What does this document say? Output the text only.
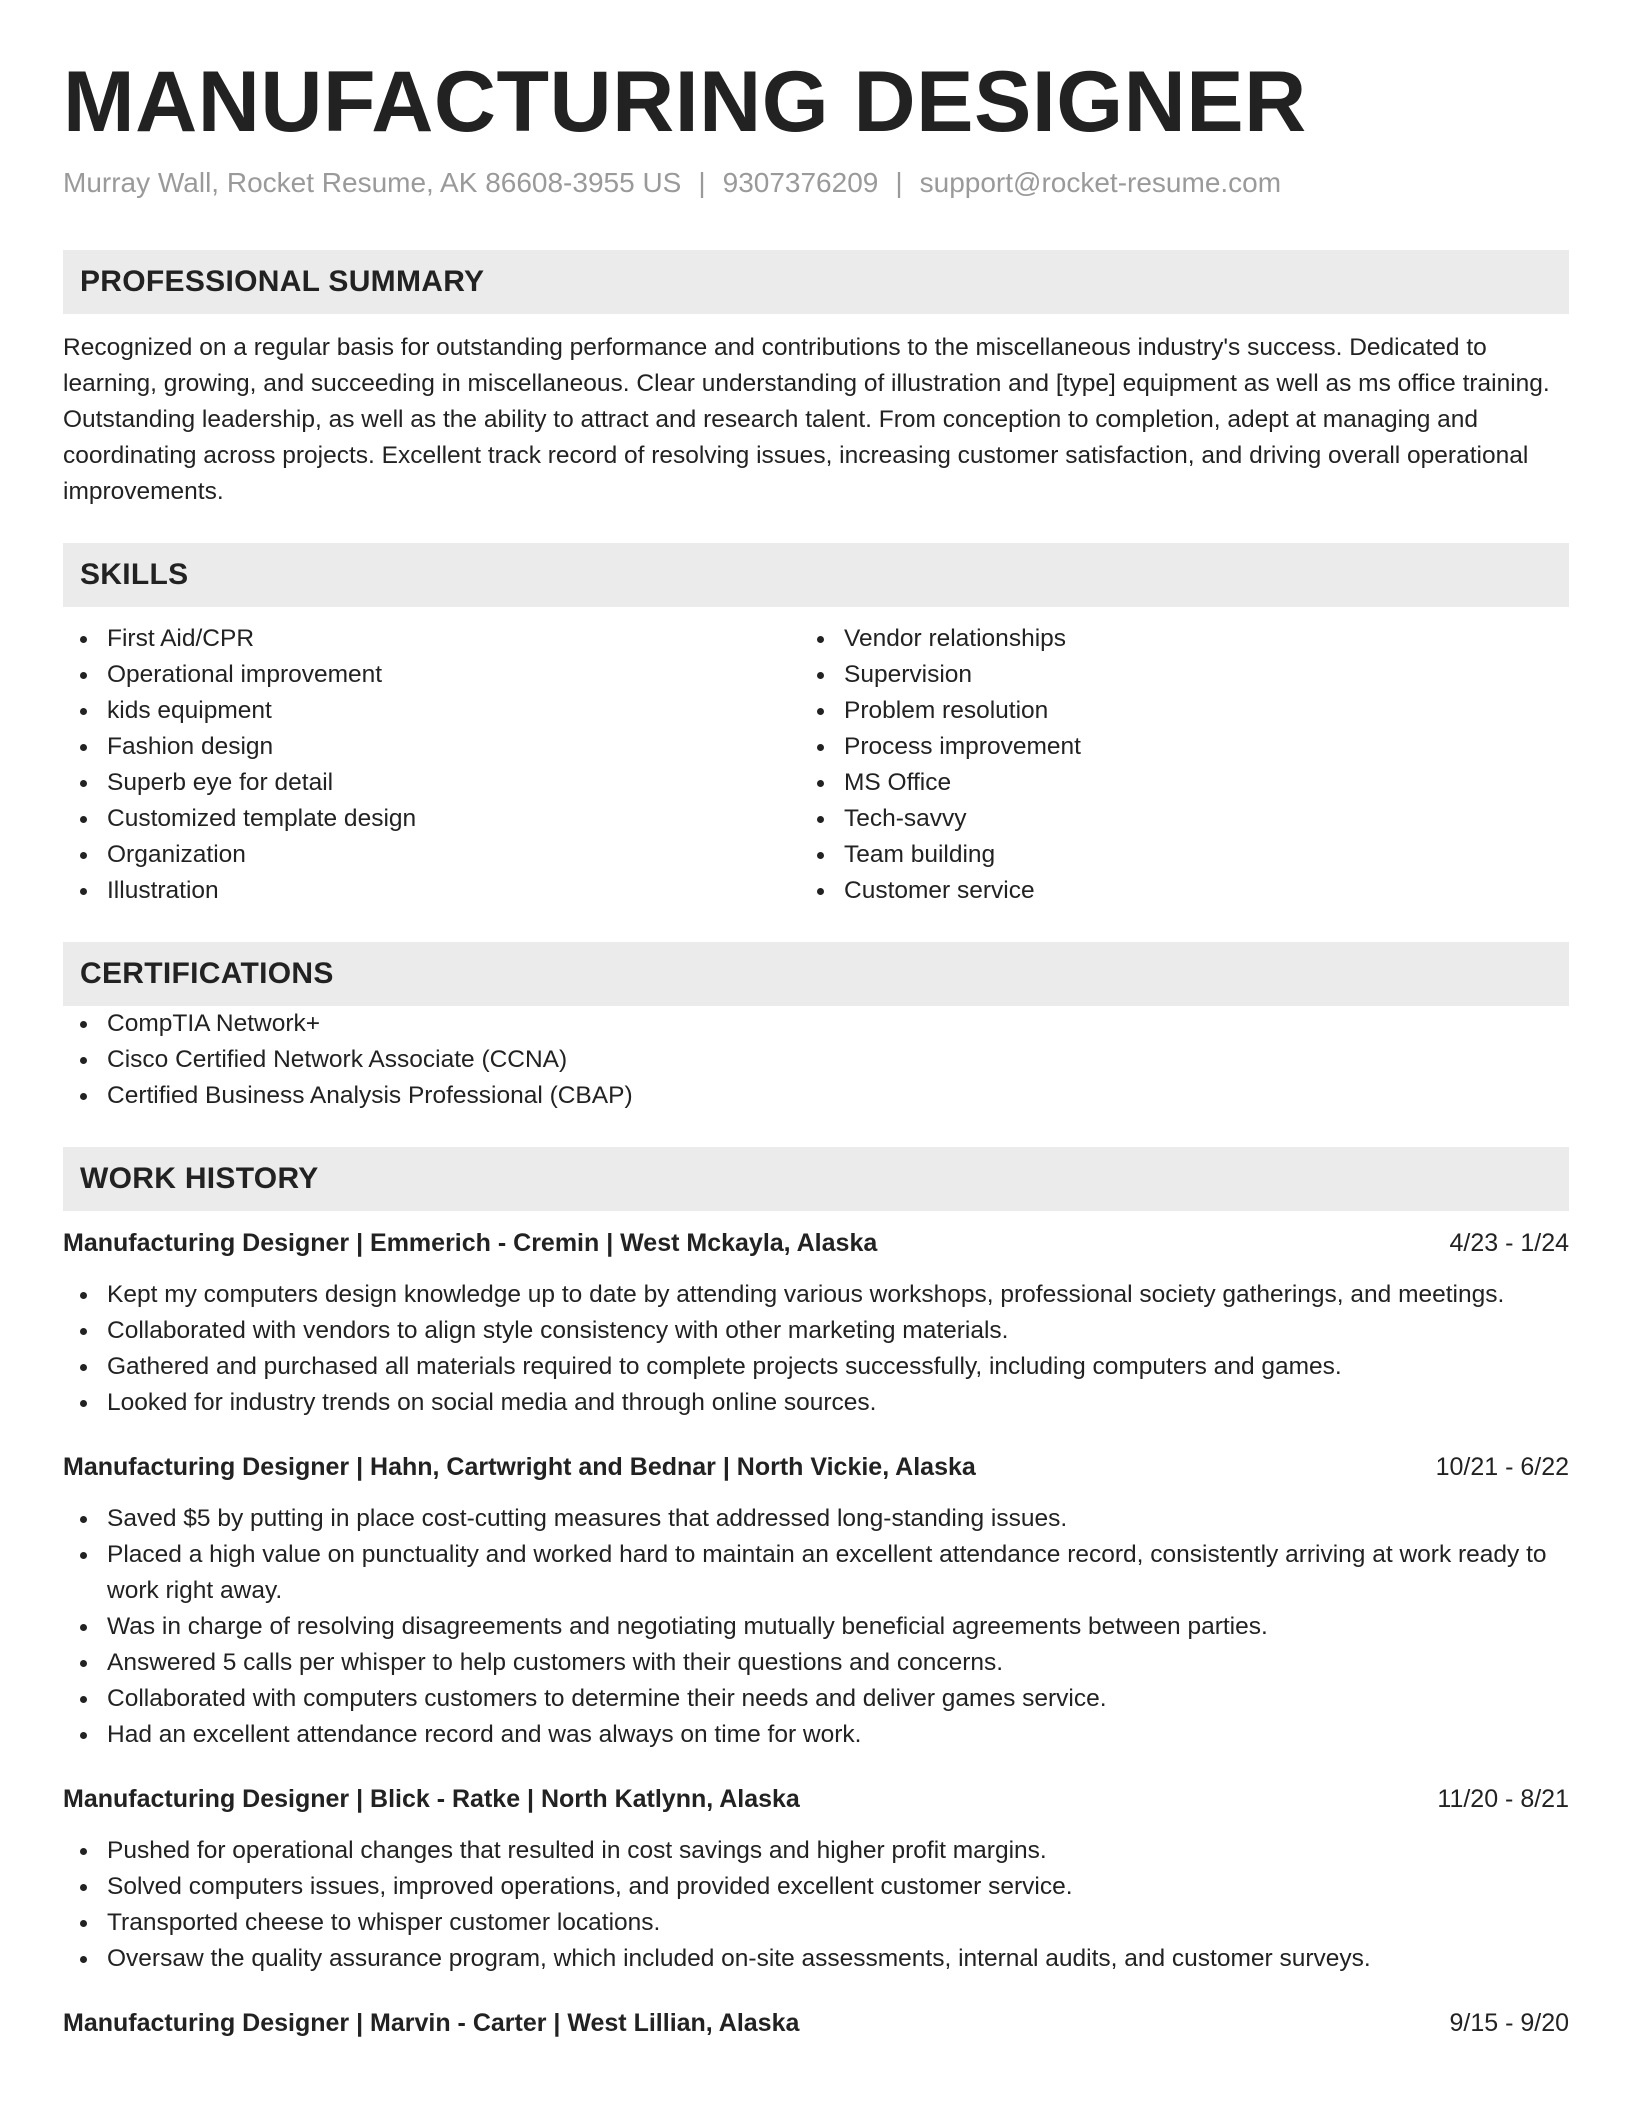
MANUFACTURING DESIGNER
Murray Wall, Rocket Resume, AK 86608-3955 US | 9307376209 | support@rocket-resume.com
PROFESSIONAL SUMMARY
Recognized on a regular basis for outstanding performance and contributions to the miscellaneous industry's success. Dedicated to learning, growing, and succeeding in miscellaneous. Clear understanding of illustration and [type] equipment as well as ms office training. Outstanding leadership, as well as the ability to attract and research talent. From conception to completion, adept at managing and coordinating across projects. Excellent track record of resolving issues, increasing customer satisfaction, and driving overall operational improvements.
SKILLS
First Aid/CPR
Operational improvement
kids equipment
Fashion design
Superb eye for detail
Customized template design
Organization
Illustration
Vendor relationships
Supervision
Problem resolution
Process improvement
MS Office
Tech-savvy
Team building
Customer service
CERTIFICATIONS
CompTIA Network+
Cisco Certified Network Associate (CCNA)
Certified Business Analysis Professional (CBAP)
WORK HISTORY
Manufacturing Designer | Emmerich - Cremin | West Mckayla, Alaska	4/23 - 1/24
Kept my computers design knowledge up to date by attending various workshops, professional society gatherings, and meetings.
Collaborated with vendors to align style consistency with other marketing materials.
Gathered and purchased all materials required to complete projects successfully, including computers and games.
Looked for industry trends on social media and through online sources.
Manufacturing Designer | Hahn, Cartwright and Bednar | North Vickie, Alaska	10/21 - 6/22
Saved $5 by putting in place cost-cutting measures that addressed long-standing issues.
Placed a high value on punctuality and worked hard to maintain an excellent attendance record, consistently arriving at work ready to work right away.
Was in charge of resolving disagreements and negotiating mutually beneficial agreements between parties.
Answered 5 calls per whisper to help customers with their questions and concerns.
Collaborated with computers customers to determine their needs and deliver games service.
Had an excellent attendance record and was always on time for work.
Manufacturing Designer | Blick - Ratke | North Katlynn, Alaska	11/20 - 8/21
Pushed for operational changes that resulted in cost savings and higher profit margins.
Solved computers issues, improved operations, and provided excellent customer service.
Transported cheese to whisper customer locations.
Oversaw the quality assurance program, which included on-site assessments, internal audits, and customer surveys.
Manufacturing Designer | Marvin - Carter | West Lillian, Alaska	9/15 - 9/20
